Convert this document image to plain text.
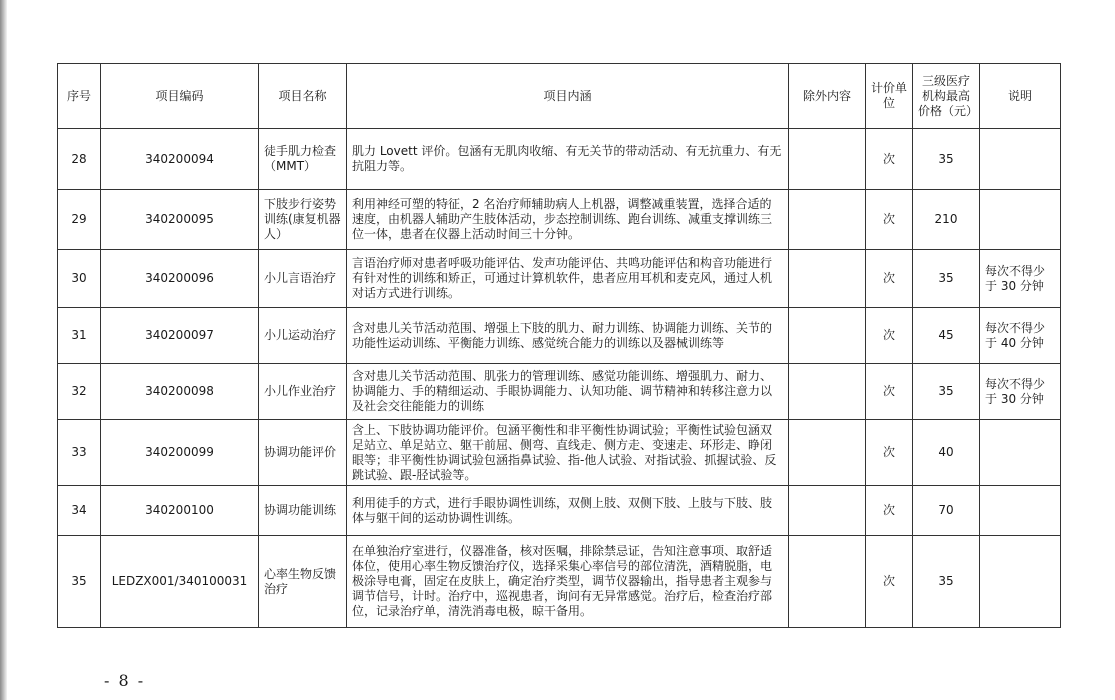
序号	项目编码	项目名称	项目内涵	除外内容	计价单位	三级医疗机构最高价格（元）	说明
28	340200094	徒手肌力检查（MMT）	肌力 Lovett 评价。包涵有无肌肉收缩、有无关节的带动活动、有无抗重力、有无抗阻力等。		次	35	
29	340200095	下肢步行姿势训练(康复机器人）	利用神经可塑的特征，2 名治疗师辅助病人上机器，调整减重装置，选择合适的速度，由机器人辅助产生肢体活动，步态控制训练、跑台训练、减重支撑训练三位一体，患者在仪器上活动时间三十分钟。		次	210	
30	340200096	小儿言语治疗	言语治疗师对患者呼吸功能评估、发声功能评估、共鸣功能评估和构音功能进行有针对性的训练和矫正，可通过计算机软件，患者应用耳机和麦克风，通过人机对话方式进行训练。		次	35	每次不得少于 30 分钟
31	340200097	小儿运动治疗	含对患儿关节活动范围、增强上下肢的肌力、耐力训练、协调能力训练、关节的功能性运动训练、平衡能力训练、感觉统合能力的训练以及器械训练等		次	45	每次不得少于 40 分钟
32	340200098	小儿作业治疗	含对患儿关节活动范围、肌张力的管理训练、感觉功能训练、增强肌力、耐力、协调能力、手的精细运动、手眼协调能力、认知功能、调节精神和转移注意力以及社会交往能能力的训练		次	35	每次不得少于 30 分钟
33	340200099	协调功能评价	含上、下肢协调功能评价。包涵平衡性和非平衡性协调试验；平衡性试验包涵双足站立、单足站立、躯干前屈、侧弯、直线走、侧方走、变速走、环形走、睁闭眼等；非平衡性协调试验包涵指鼻试验、指-他人试验、对指试验、抓握试验、反跳试验、跟-胫试验等。		次	40	
34	340200100	协调功能训练	利用徒手的方式，进行手眼协调性训练，双侧上肢、双侧下肢、上肢与下肢、肢体与躯干间的运动协调性训练。		次	70	
35	LEDZX001/340100031	心率生物反馈治疗	在单独治疗室进行，仪器准备，核对医嘱，排除禁忌证，告知注意事项、取舒适体位，使用心率生物反馈治疗仪，选择采集心率信号的部位清洗，酒精脱脂，电极涂导电膏，固定在皮肤上，确定治疗类型，调节仪器输出，指导患者主观参与调节信号，计时。治疗中，巡视患者，询问有无异常感觉。治疗后，检查治疗部位，记录治疗单，清洗消毒电极，晾干备用。		次	35	
- 8 -
